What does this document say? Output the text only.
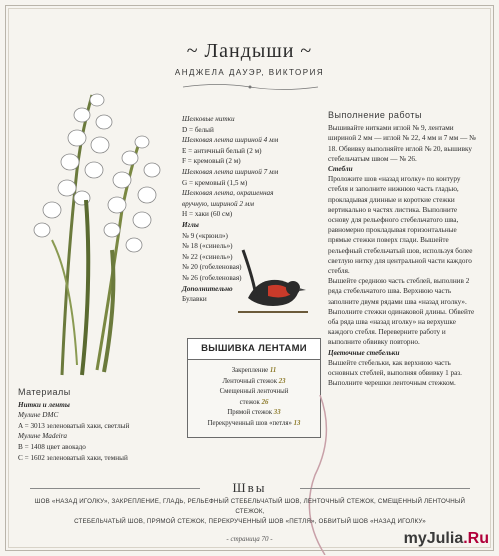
~ Ландыши ~
АНДЖЕЛА ДАУЭР, ВИКТОРИЯ
Шелковые нитки
D = белый
Шелковая лента шириной 4 мм
E = античный белый (2 м)
F = кремовый (2 м)
Шелковая лента шириной 7 мм
G = кремовый (1,5 м)
Шелковая лента, окрашенная
вручную, шириной 2 мм
H = хаки (60 см)
Иглы
№ 9 («крюил»)
№ 18 («синель»)
№ 22 («синель»)
№ 20 (гобеленовая)
№ 26 (гобеленовая)
Дополнительно
Булавки
Выполнение работы

Вышивайте нитками иглой № 9, лентами шириной 2 мм — иглой № 22, 4 мм и 7 мм — № 18. Обвивку выполняйте иглой № 20, вышивку стебельчатым швом — № 26.

Стебли

Проложите шов «назад иголку» по контуру стебля и заполните нижнюю часть гладью, прокладывая длинные и короткие стежки вертикально в частях листика. Выполните основу для рельефного стебельчатого шва, равномерно прокладывая горизонтальные прямые стежки поверх глади. Вышейте рельефный стебельчатый шов, используя более светлую нитку для центральной части каждого стебля.

Вышейте среднюю часть стеблей, выполнив 2 ряда стебельчатого шва. Верхнюю часть заполните двумя рядами шва «назад иголку». Выполните стежки одинаковой длины. Обвейте оба ряда шва «назад иголку» на верхушке каждого стебля. Переверните работу и выполните обвивку повторно.

Цветочные стебельки

Вышейте стебельки, как верхнюю часть основных стеблей, выполняя обвивку 1 раз. Выполните черешки ленточным стежком.

Материалы
Нитки и ленты
Мулине DMC
A = 3013 зеленоватый хаки, светлый
Мулине Madeira
B = 1408 цвет авокадо
C = 1602 зеленоватый хаки, темный
ВЫШИВКА ЛЕНТАМИ
Закрепление 11
Ленточный стежок 23
Смещенный ленточный
стежок 26
Прямой стежок 33
Перекрученный шов «петля» 13
Швы
ШОВ «НАЗАД ИГОЛКУ», ЗАКРЕПЛЕНИЕ, ГЛАДЬ, РЕЛЬЕФНЫЙ СТЕБЕЛЬЧАТЫЙ ШОВ, ЛЕНТОЧНЫЙ СТЕЖОК, СМЕЩЕННЫЙ ЛЕНТОЧНЫЙ СТЕЖОК,
СТЕБЕЛЬЧАТЫЙ ШОВ, ПРЯМОЙ СТЕЖОК, ПЕРЕКРУЧЕННЫЙ ШОВ «ПЕТЛЯ», ОБВИТЫЙ ШОВ «НАЗАД ИГОЛКУ»
- страница 70 -	myJulia.Ru
